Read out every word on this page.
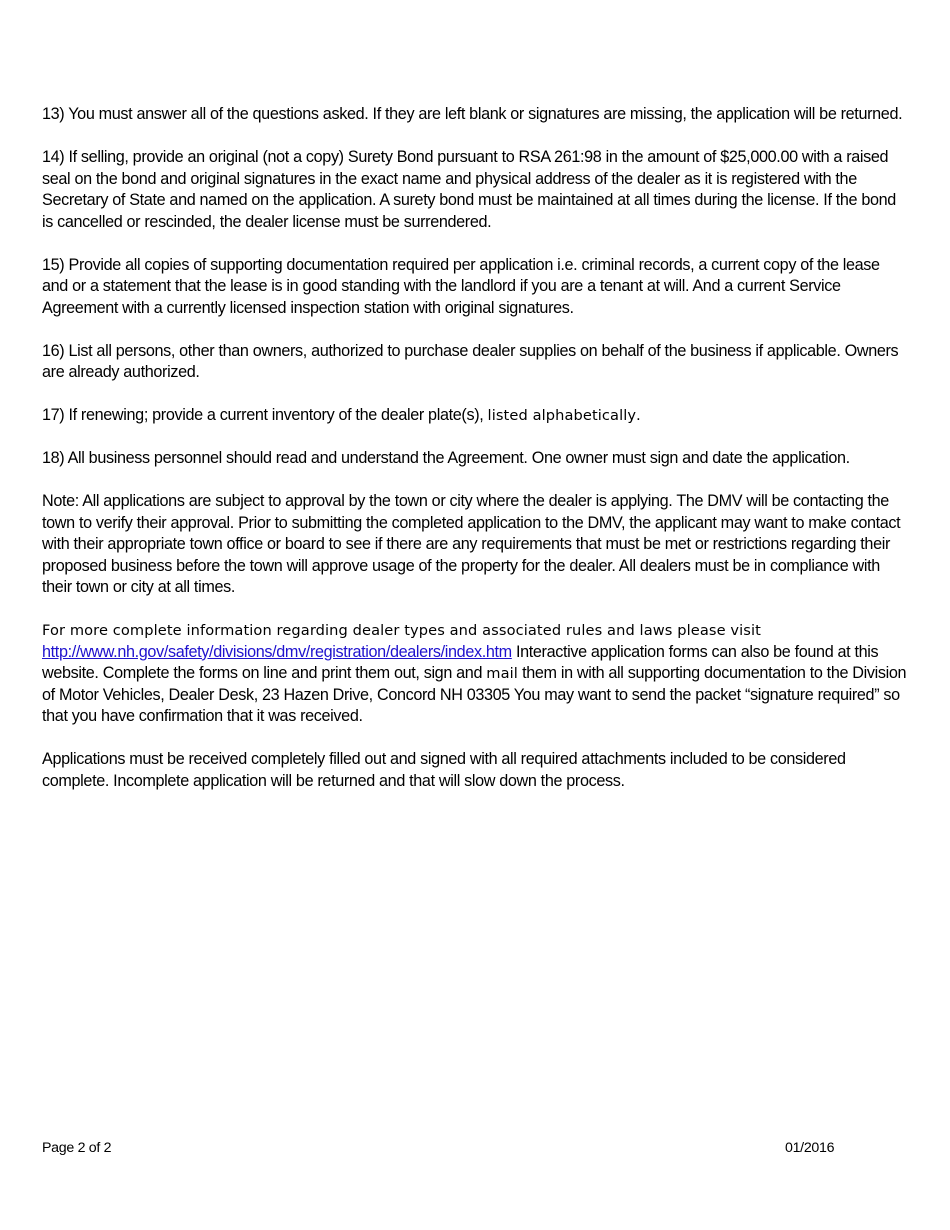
13) You must answer all of the questions asked. If they are left blank or signatures are missing, the application will be returned.

14) If selling, provide an original (not a copy) Surety Bond pursuant to RSA 261:98 in the amount of $25,000.00 with a raised seal on the bond and original signatures in the exact name and physical address of the dealer as it is registered with the Secretary of State and named on the application. A surety bond must be maintained at all times during the license. If the bond is cancelled or rescinded, the dealer license must be surrendered.

15) Provide all copies of supporting documentation required per application i.e. criminal records, a current copy of the lease and or a statement that the lease is in good standing with the landlord if you are a tenant at will. And a current Service Agreement with a currently licensed inspection station with original signatures.

16) List all persons, other than owners, authorized to purchase dealer supplies on behalf of the business if applicable. Owners are already authorized.

17) If renewing; provide a current inventory of the dealer plate(s), listed alphabetically.

18) All business personnel should read and understand the Agreement. One owner must sign and date the application.

Note: All applications are subject to approval by the town or city where the dealer is applying. The DMV will be contacting the town to verify their approval. Prior to submitting the completed application to the DMV, the applicant may want to make contact with their appropriate town office or board to see if there are any requirements that must be met or restrictions regarding their proposed business before the town will approve usage of the property for the dealer. All dealers must be in compliance with their town or city at all times.

For more complete information regarding dealer types and associated rules and laws please visit
http://www.nh.gov/safety/divisions/dmv/registration/dealers/index.htm Interactive application forms can also be found at this website. Complete the forms on line and print them out, sign and mail them in with all supporting documentation to the Division of Motor Vehicles, Dealer Desk, 23 Hazen Drive, Concord NH 03305 You may want to send the packet “signature required” so that you have confirmation that it was received.

Applications must be received completely filled out and signed with all required attachments included to be considered complete. Incomplete application will be returned and that will slow down the process.

Page 2 of 2	01/2016
